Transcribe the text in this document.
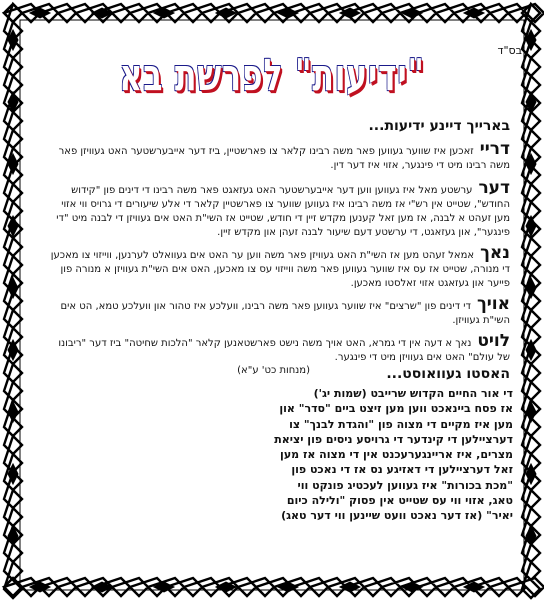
בס"ד
"ידיעות" לפרשת בא
בארייך דיינע ידיעות...

דרייזאכען איז שווער געווען פאר משה רבינו קלאר צו פארשטיין, ביז דער אייבערשטער האט געוויזן פאר משה רבינו מיט די פינגער, אזוי איז דער דין.

דערערשטע מאל איז געווען ווען דער אייבערשטער האט געזאגט פאר משה רבינו די דינים פון "קידוש החודש", שטייט אין רש"י אז משה רבינו איז געווען שווער צו פארשטיין קלאר די אלע שיעורים די גרויס ווי אזוי מען זעהט א לבנה, אז מען זאל קענען מקדש זיין די חודש, שטייט אז השי"ת האט אים געוויזן די לבנה מיט "די פינגער", און געזאגט, די ערשטע דעם שיעור לבנה זעהן און מקדש זיין.

נאךאמאל זעהט מען אז השי"ת האט געוויזן פאר משה ווען ער האט אים געוואלט לערנען, ווייזוי צו מאכען די מנורה, שטייט אז עס איז שווער געווען פאר משה ווייזוי עס צו מאכען, האט אים השי"ת געוויזן א מנורה פון פייער און געזאגט אזוי זאלסטו מאכען.

אויךדי דינים פון "שרצים" איז שווער געווען פאר משה רבינו, וועלכע איז טהור און וועלכע טמא, הט אים השי"ת געוויזן.

לויטנאך א דעה אין די גמרא, האט אויך משה נישט פארשטאנען קלאר "הלכות שחיטה" ביז דער "ריבונו של עולם" האט אים געוויזן מיט די פינגער.

(מנחות כט' ע"א)	האסטו געוואוסט...
די אור החיים הקדוש שרייבט (שמות יג')
אז פסח ביינאכט ווען מען זיצט ביים "סדר" און
מען איז מקיים די מצוה פון "והגדת לבנך" צו
דערציילען די קינדער די גרויסע ניסים פון יציאת
מצרים, איז אריינגערעכנט אין די מצוה אז מען
זאל דערציילען די דאזיגע נס אז די נאכט פון
"מכת בכורות" איז געווען לעכטיג פונקט ווי
טאג, אזוי ווי עס שטייט אין פסוק "ולילה כיום
יאיר" (אז דער נאכט וועט שיינען ווי דער טאג)
